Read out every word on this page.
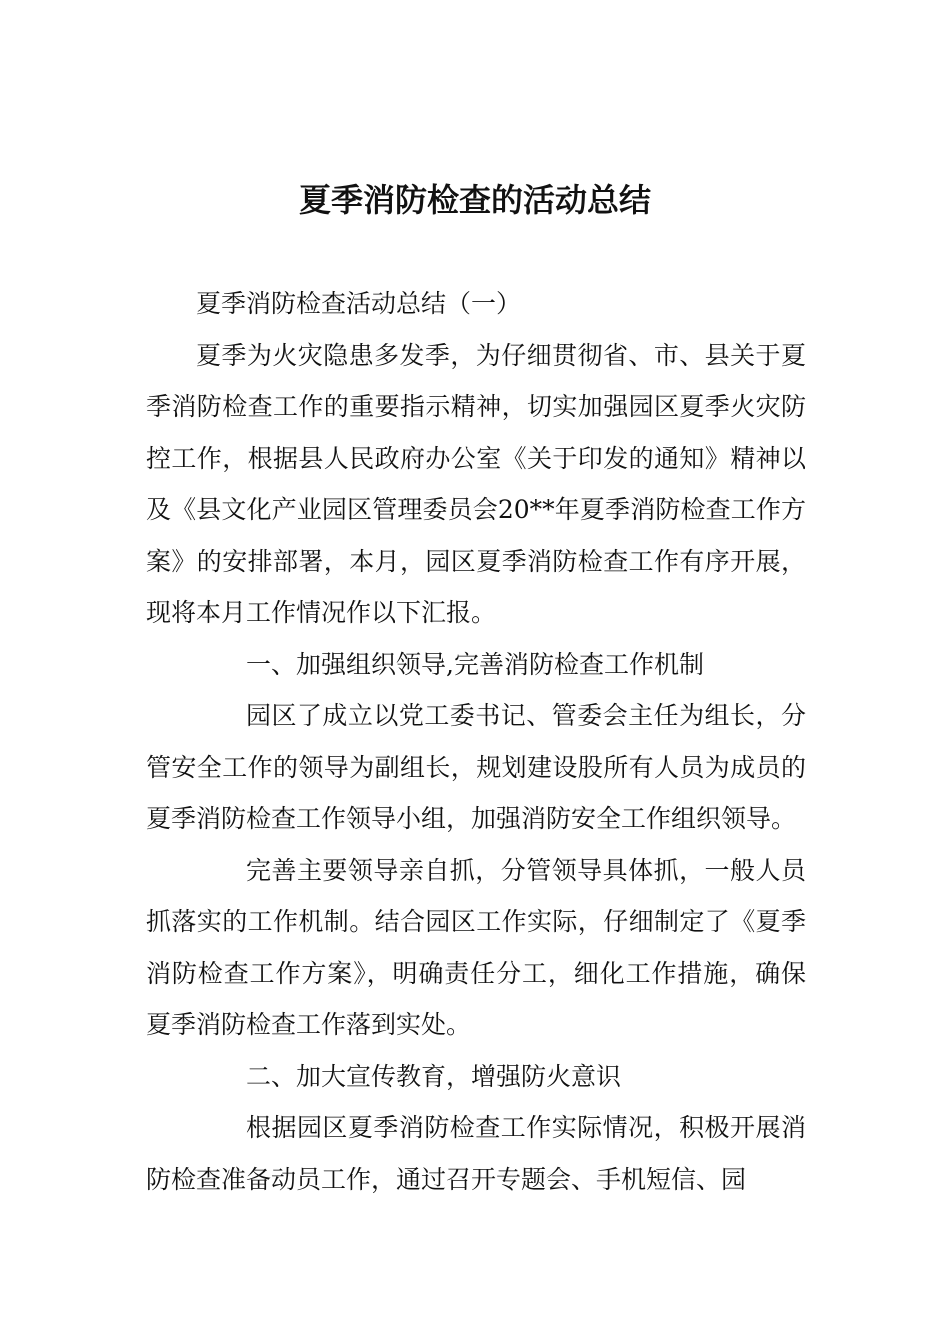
夏季消防检查的活动总结

夏季消防检查活动总结（一）

夏季为火灾隐患多发季，为仔细贯彻省、市、县关于夏季消防检查工作的重要指示精神，切实加强园区夏季火灾防控工作，根据县人民政府办公室《关于印发的通知》精神以及《县文化产业园区管理委员会20**年夏季消防检查工作方案》的安排部署，本月，园区夏季消防检查工作有序开展，现将本月工作情况作以下汇报。

一、加强组织领导,完善消防检查工作机制

园区了成立以党工委书记、管委会主任为组长，分管安全工作的领导为副组长，规划建设股所有人员为成员的夏季消防检查工作领导小组，加强消防安全工作组织领导。

完善主要领导亲自抓，分管领导具体抓，一般人员抓落实的工作机制。结合园区工作实际，仔细制定了《夏季消防检查工作方案》，明确责任分工，细化工作措施，确保夏季消防检查工作落到实处。

二、加大宣传教育，增强防火意识

根据园区夏季消防检查工作实际情况，积极开展消防检查准备动员工作，通过召开专题会、手机短信、园
